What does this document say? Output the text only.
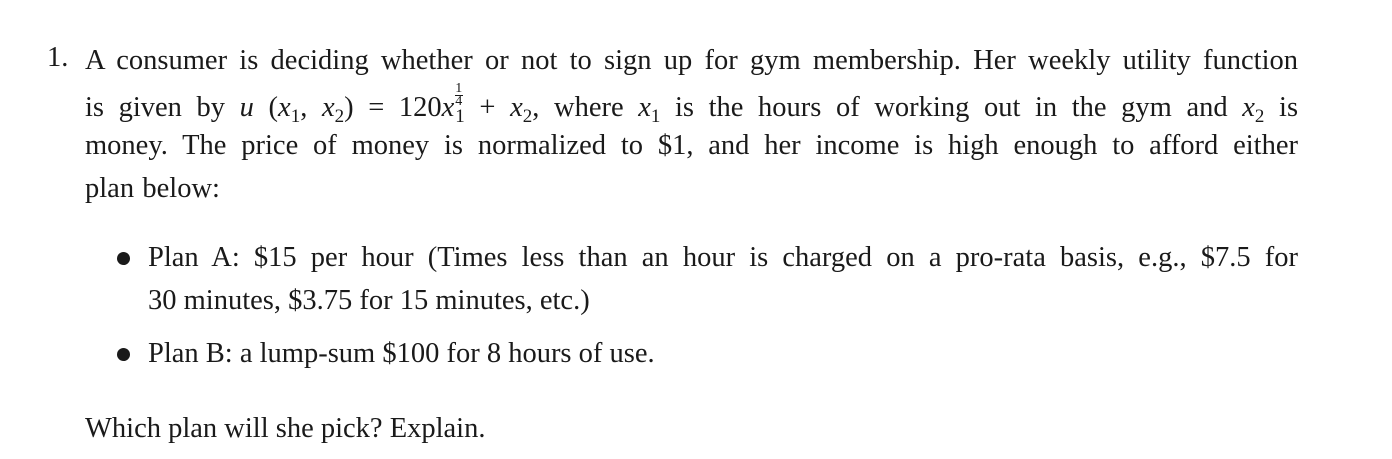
1. A consumer is deciding whether or not to sign up for gym membership. Her weekly utility function
is given by u ($x_1$, $x_2) = 120x \frac{1}{4}$
$_1 + x_2$, where $x_1$ is the hours of working out in the gym and $x_2$ is
money. The price of money is normalized to $1, and her income is high enough to afford either
plan below:
Plan A: $15 per hour (Times less than an hour is charged on a pro-rata basis, e.g., $7.5 for
30 minutes, $3.75 for 15 minutes, etc.)
Plan B: a lump-sum $100 for 8 hours of use.
Which plan will she pick? Explain.
